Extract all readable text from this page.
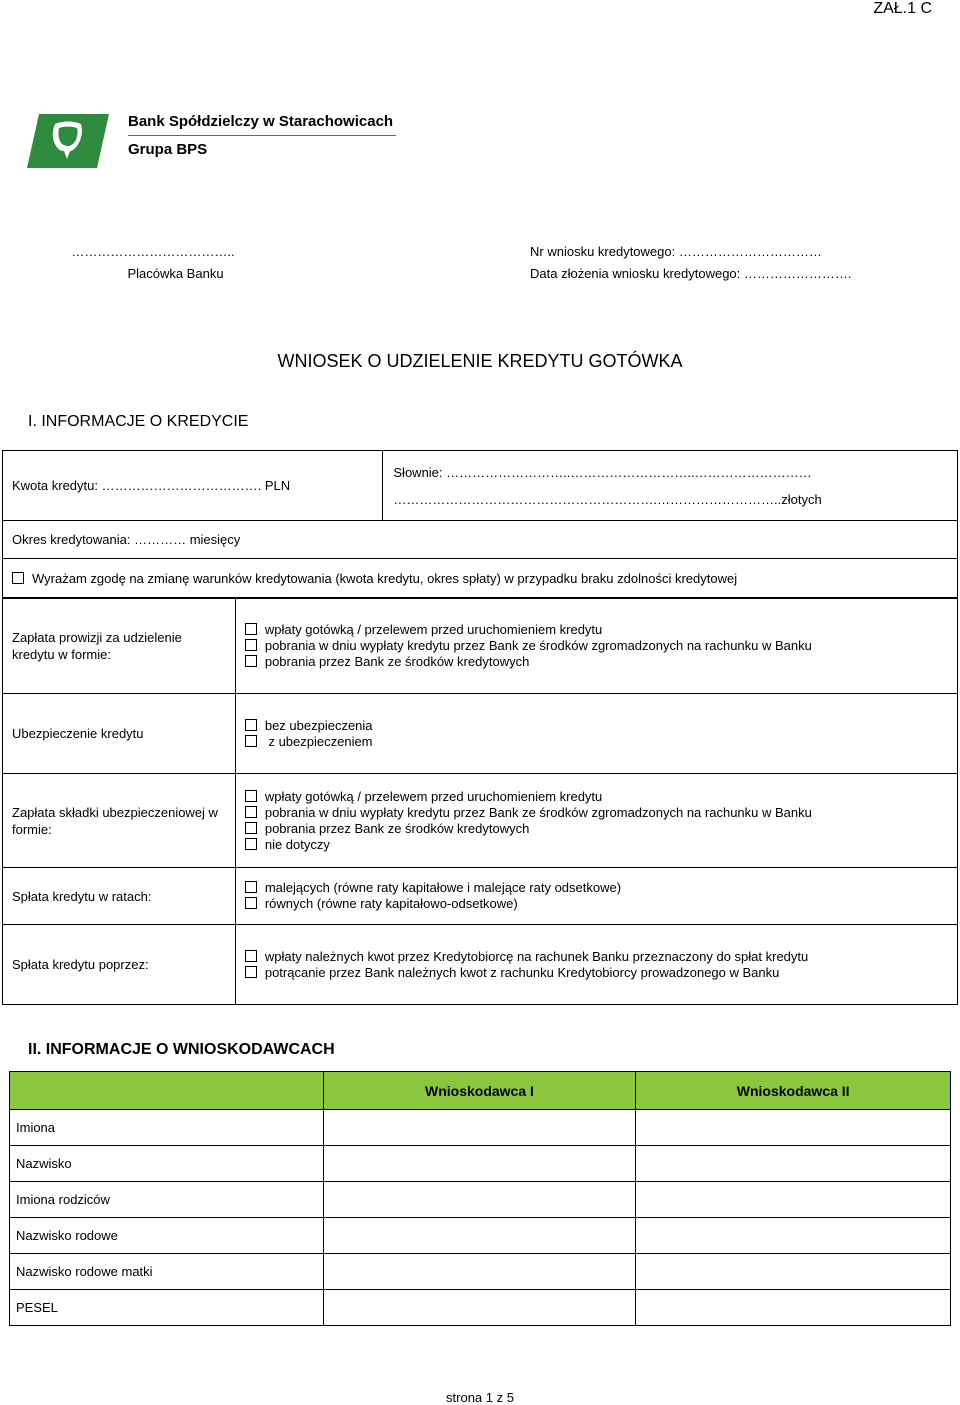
ZAŁ.1 C
Bank Spółdzielczy w Starachowicach
Grupa BPS
………………………………..
Placówka Banku
Nr wniosku kredytowego: ……………………………
Data złożenia wniosku kredytowego: …………………….
WNIOSEK O UDZIELENIE KREDYTU GOTÓWKA
I. INFORMACJE O KREDYCIE
Kwota kredytu: ………………………………. PLN	
Słownie: ………………………..………………………..………………………
…………………………………………………….………………………..złotych

Okres kredytowania: ………… miesięcy
Wyrażam zgodę na zmianę warunków kredytowania (kwota kredytu, okres spłaty) w przypadku braku zdolności kredytowej
Zapłata prowizji za udzielenie kredytu w formie:	wpłaty gotówką / przelewem przed uruchomieniem kredytu
pobrania w dniu wypłaty kredytu przez Bank ze środków zgromadzonych na rachunku w Banku
pobrania przez Bank ze środków kredytowych

Ubezpieczenie kredytu	bez ubezpieczenia
z ubezpieczeniem

Zapłata składki ubezpieczeniowej w formie:	wpłaty gotówką / przelewem przed uruchomieniem kredytu
pobrania w dniu wypłaty kredytu przez Bank ze środków zgromadzonych na rachunku w Banku
pobrania przez Bank ze środków kredytowych
nie dotyczy

Spłata kredytu w ratach:	malejących (równe raty kapitałowe i malejące raty odsetkowe)
równych (równe raty kapitałowo-odsetkowe)

Spłata kredytu poprzez:	wpłaty należnych kwot przez Kredytobiorcę na rachunek Banku przeznaczony do spłat kredytu
potrącanie przez Bank należnych kwot z rachunku Kredytobiorcy prowadzonego w Banku
II. INFORMACJE O WNIOSKODAWCACH
	Wnioskodawca I	Wnioskodawca II
Imiona		
Nazwisko		
Imiona rodziców		
Nazwisko rodowe		
Nazwisko rodowe matki		
PESEL		
strona 1 z 5
